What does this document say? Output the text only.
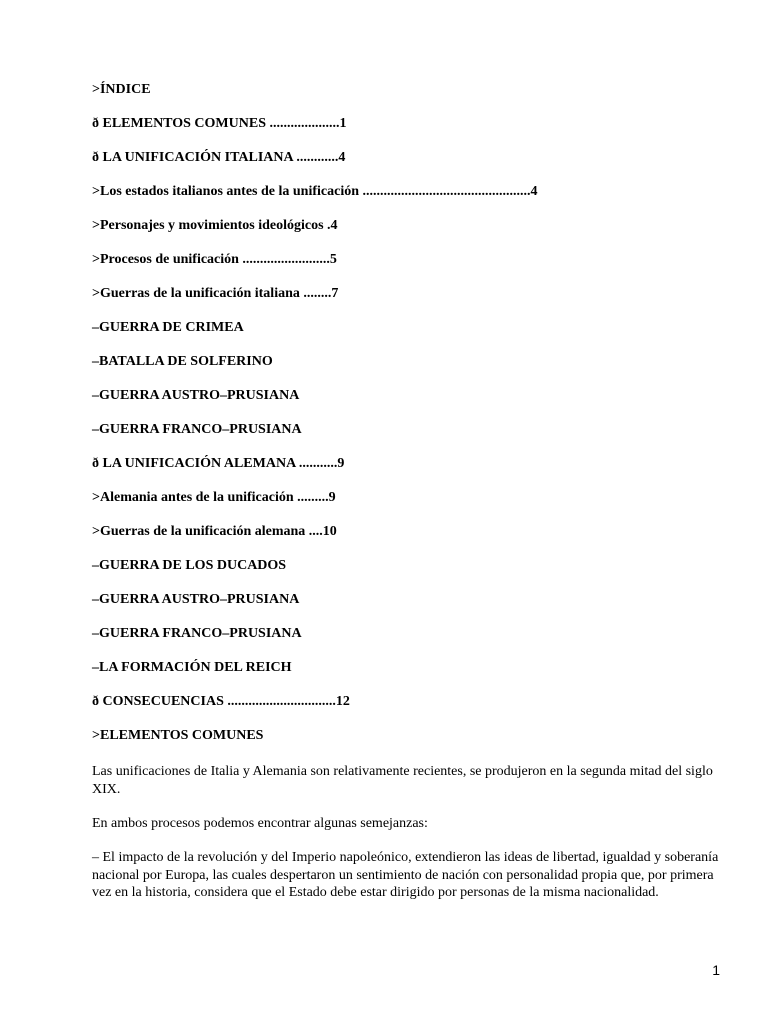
>ÍNDICE
ð ELEMENTOS COMUNES ....................1
ð LA UNIFICACIÓN ITALIANA ............4
>Los estados italianos antes de la unificación ................................................4
>Personajes y movimientos ideológicos .4
>Procesos de unificación .........................5
>Guerras de la unificación italiana ........7
–GUERRA DE CRIMEA
–BATALLA DE SOLFERINO
–GUERRA AUSTRO–PRUSIANA
–GUERRA FRANCO–PRUSIANA
ð LA UNIFICACIÓN ALEMANA ...........9
>Alemania antes de la unificación .........9
>Guerras de la unificación alemana ....10
–GUERRA DE LOS DUCADOS
–GUERRA AUSTRO–PRUSIANA
–GUERRA FRANCO–PRUSIANA
–LA FORMACIÓN DEL REICH
ð CONSECUENCIAS ...............................12
>ELEMENTOS COMUNES
Las unificaciones de Italia y Alemania son relativamente recientes, se produjeron en la segunda mitad del siglo XIX.
En ambos procesos podemos encontrar algunas semejanzas:
– El impacto de la revolución y del Imperio napoleónico, extendieron las ideas de libertad, igualdad y soberanía nacional por Europa, las cuales despertaron un sentimiento de nación con personalidad propia que, por primera vez en la historia, considera que el Estado debe estar dirigido por personas de la misma nacionalidad.
1
